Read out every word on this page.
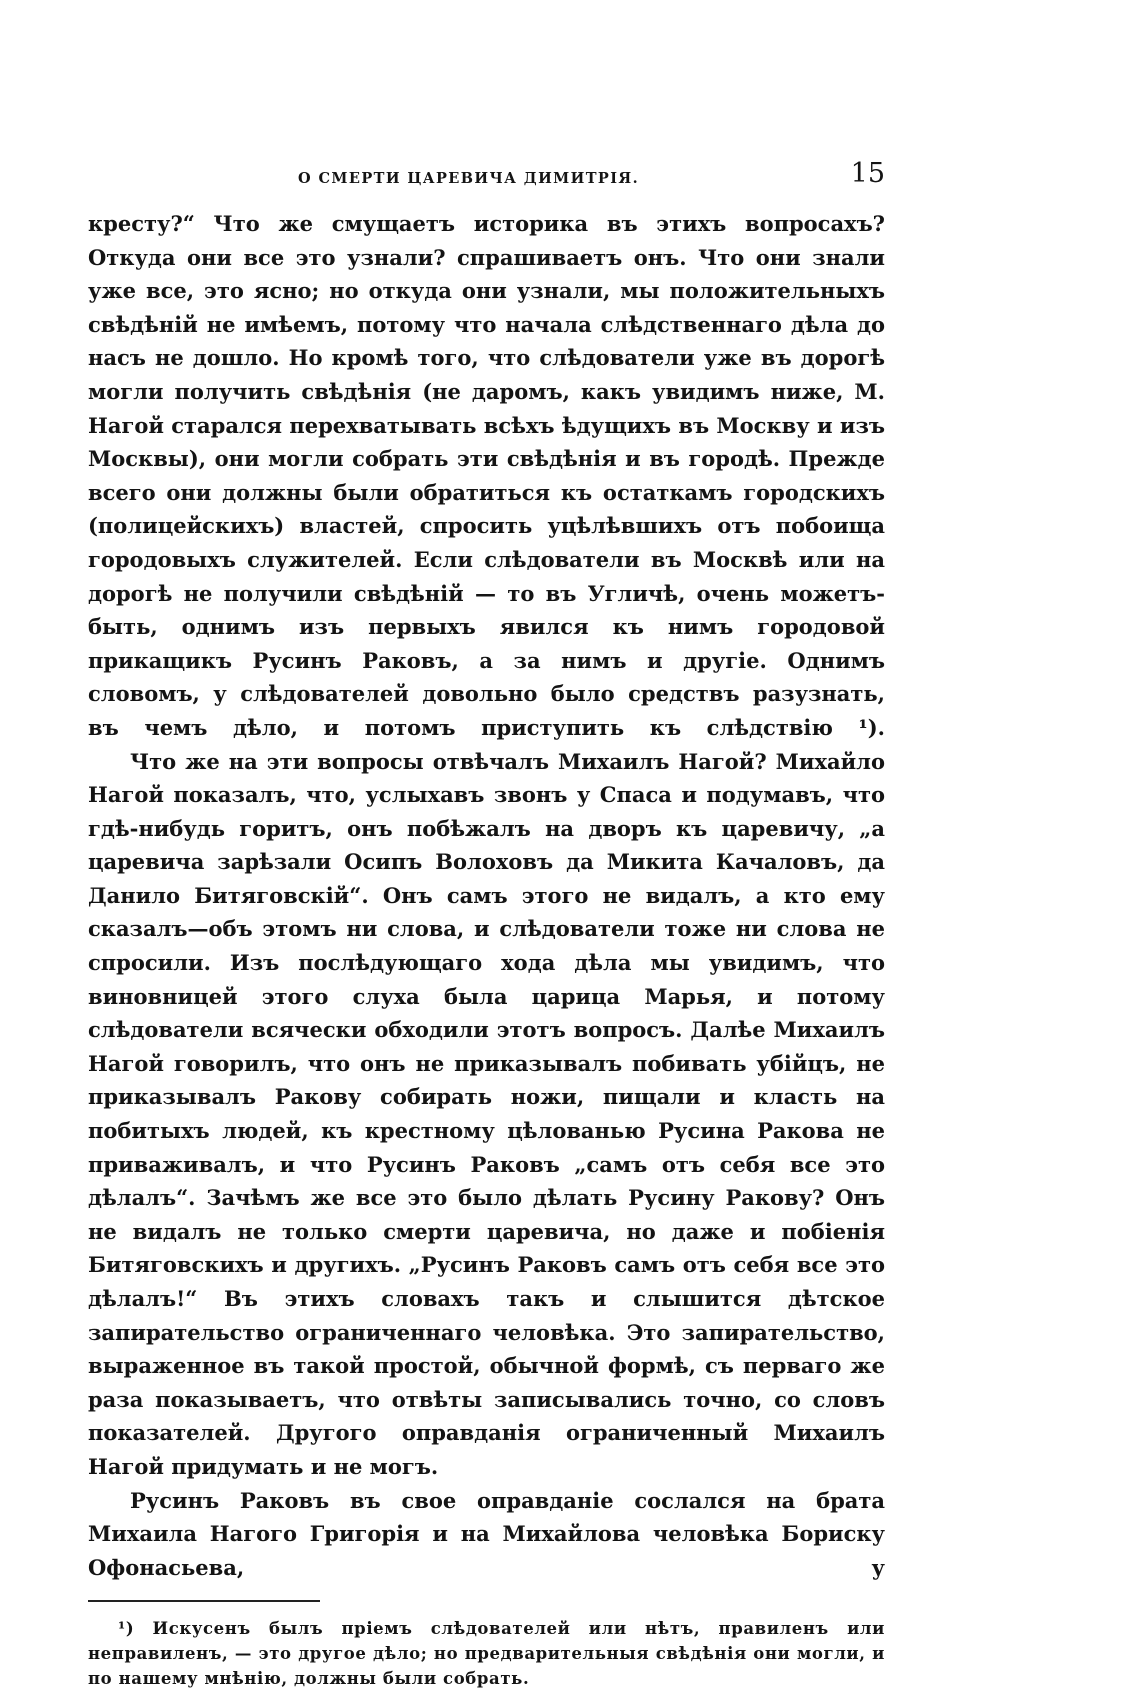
О СМЕРТИ ЦАРЕВИЧА ДИМИТРІЯ.	15

кресту?“ Что же смущаетъ историка въ этихъ вопросахъ? Откуда они все это узнали? спрашиваетъ онъ. Что они знали уже все, это ясно; но откуда они узнали, мы положительныхъ свѣдѣній не имѣемъ, потому что начала слѣдственнаго дѣла до насъ не дошло. Но кромѣ того, что слѣдователи уже въ дорогѣ могли получить свѣдѣнія (не даромъ, какъ увидимъ ниже, М. Нагой старался перехватывать всѣхъ ѣдущихъ въ Москву и изъ Москвы), они могли собрать эти свѣдѣнія и въ городѣ. Прежде всего они должны были обратиться къ остаткамъ городскихъ (полицейскихъ) властей, спросить уцѣлѣвшихъ отъ побоища городовыхъ служителей. Если слѣдователи въ Москвѣ или на дорогѣ не получили свѣдѣній — то въ Угличѣ, очень можетъ-быть, однимъ изъ первыхъ явился къ нимъ городовой прикащикъ Русинъ Раковъ, а за нимъ и другіе. Однимъ словомъ, у слѣдователей довольно было средствъ разузнать, въ чемъ дѣло, и потомъ приступить къ слѣдствію ¹).

Что же на эти вопросы отвѣчалъ Михаилъ Нагой? Михайло Нагой показалъ, что, услыхавъ звонъ у Спаса и подумавъ, что гдѣ-нибудь горитъ, онъ побѣжалъ на дворъ къ царевичу, „а царевича зарѣзали Осипъ Волоховъ да Микита Качаловъ, да Данило Битяговскій“. Онъ самъ этого не видалъ, а кто ему сказалъ—объ этомъ ни слова, и слѣдователи тоже ни слова не спросили. Изъ послѣдующаго хода дѣла мы увидимъ, что виновницей этого слуха была царица Марья, и потому слѣдователи всячески обходили этотъ вопросъ. Далѣе Михаилъ Нагой говорилъ, что онъ не приказывалъ побивать убійцъ, не приказывалъ Ракову собирать ножи, пищали и класть на побитыхъ людей, къ крестному цѣлованью Русина Ракова не приваживалъ, и что Русинъ Раковъ „самъ отъ себя все это дѣлалъ“. Зачѣмъ же все это было дѣлать Русину Ракову? Онъ не видалъ не только смерти царевича, но даже и побіенія Битяговскихъ и другихъ. „Русинъ Раковъ самъ отъ себя все это дѣлалъ!“ Въ этихъ словахъ такъ и слышится дѣтское запирательство ограниченнаго человѣка. Это запирательство, выраженное въ такой простой, обычной формѣ, съ перваго же раза показываетъ, что отвѣты записывались точно, со словъ показателей. Другого оправданія ограниченный Михаилъ Нагой придумать и не могъ.

Русинъ Раковъ въ свое оправданіе сослался на брата Михаила Нагого Григорія и на Михайлова человѣка Бориску Офонасьева, у

¹) Искусенъ былъ пріемъ слѣдователей или нѣтъ, правиленъ или неправиленъ, — это другое дѣло; но предварительныя свѣдѣнія они могли, и по нашему мнѣнію, должны были собрать.
